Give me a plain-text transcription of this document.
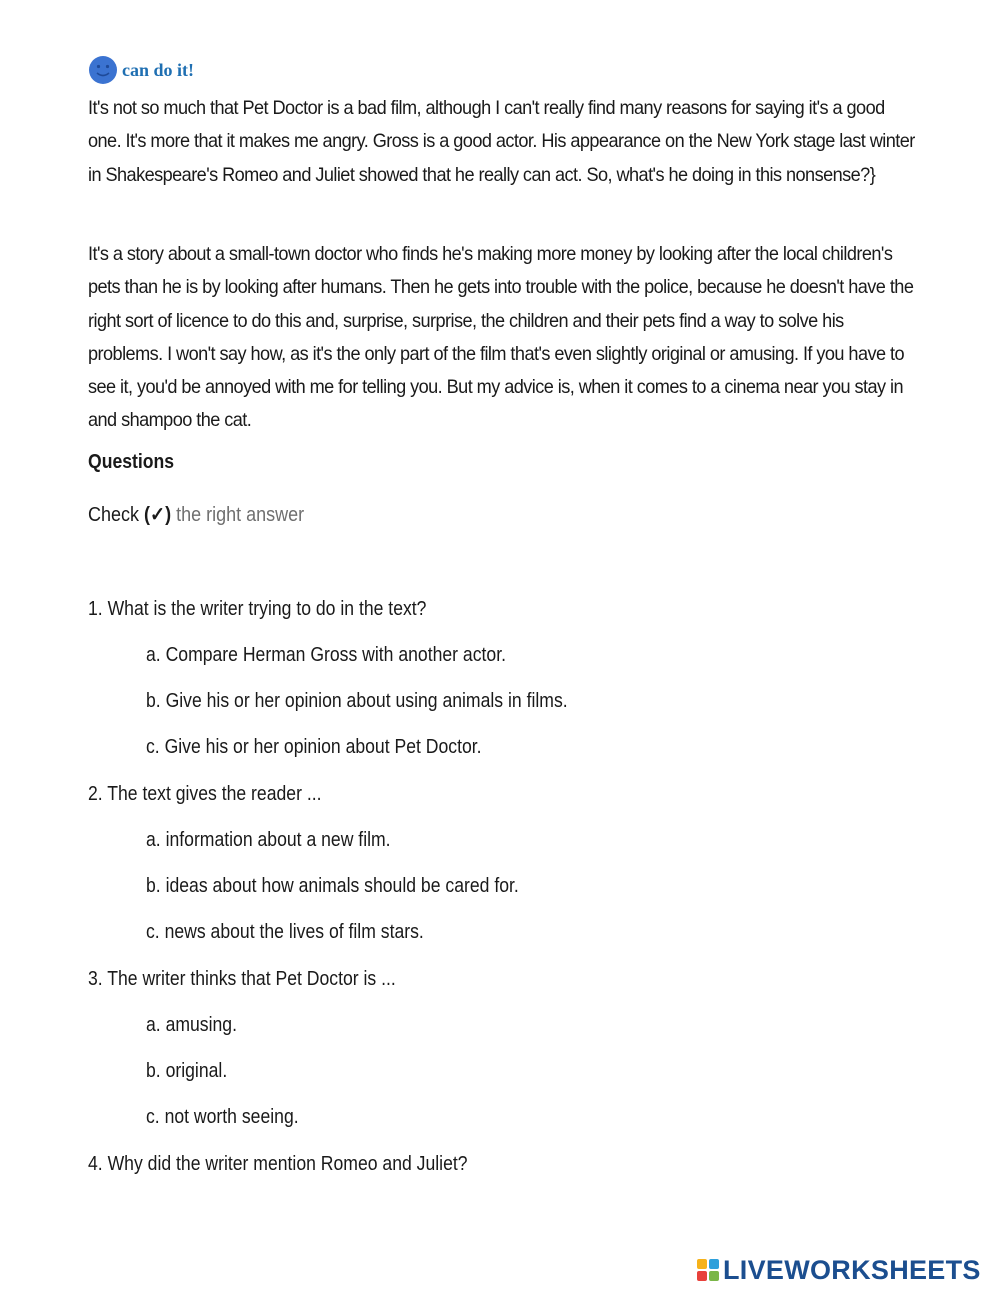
can do it!
It's not so much that Pet Doctor is a bad film, although I can't really find many reasons for saying it's a good one. It's more that it makes me angry. Gross is a good actor. His appearance on the New York stage last winter in Shakespeare's Romeo and Juliet showed that he really can act. So, what's he doing in this nonsense?}
It's a story about a small-town doctor who finds he's making more money by looking after the local children's pets than he is by looking after humans. Then he gets into trouble with the police, because he doesn't have the right sort of licence to do this and, surprise, surprise, the children and their pets find a way to solve his problems. I won't say how, as it's the only part of the film that's even slightly original or amusing. If you have to see it, you'd be annoyed with me for telling you. But my advice is, when it comes to a cinema near you stay in and shampoo the cat.
Questions
Check (✓) the right answer
1. What is the writer trying to do in the text?
a. Compare Herman Gross with another actor.
b. Give his or her opinion about using animals in films.
c. Give his or her opinion about Pet Doctor.
2. The text gives the reader ...
a. information about a new film.
b. ideas about how animals should be cared for.
c. news about the lives of film stars.
3. The writer thinks that Pet Doctor is ...
a. amusing.
b. original.
c. not worth seeing.
4. Why did the writer mention Romeo and Juliet?
LIVEWORKSHEETS
